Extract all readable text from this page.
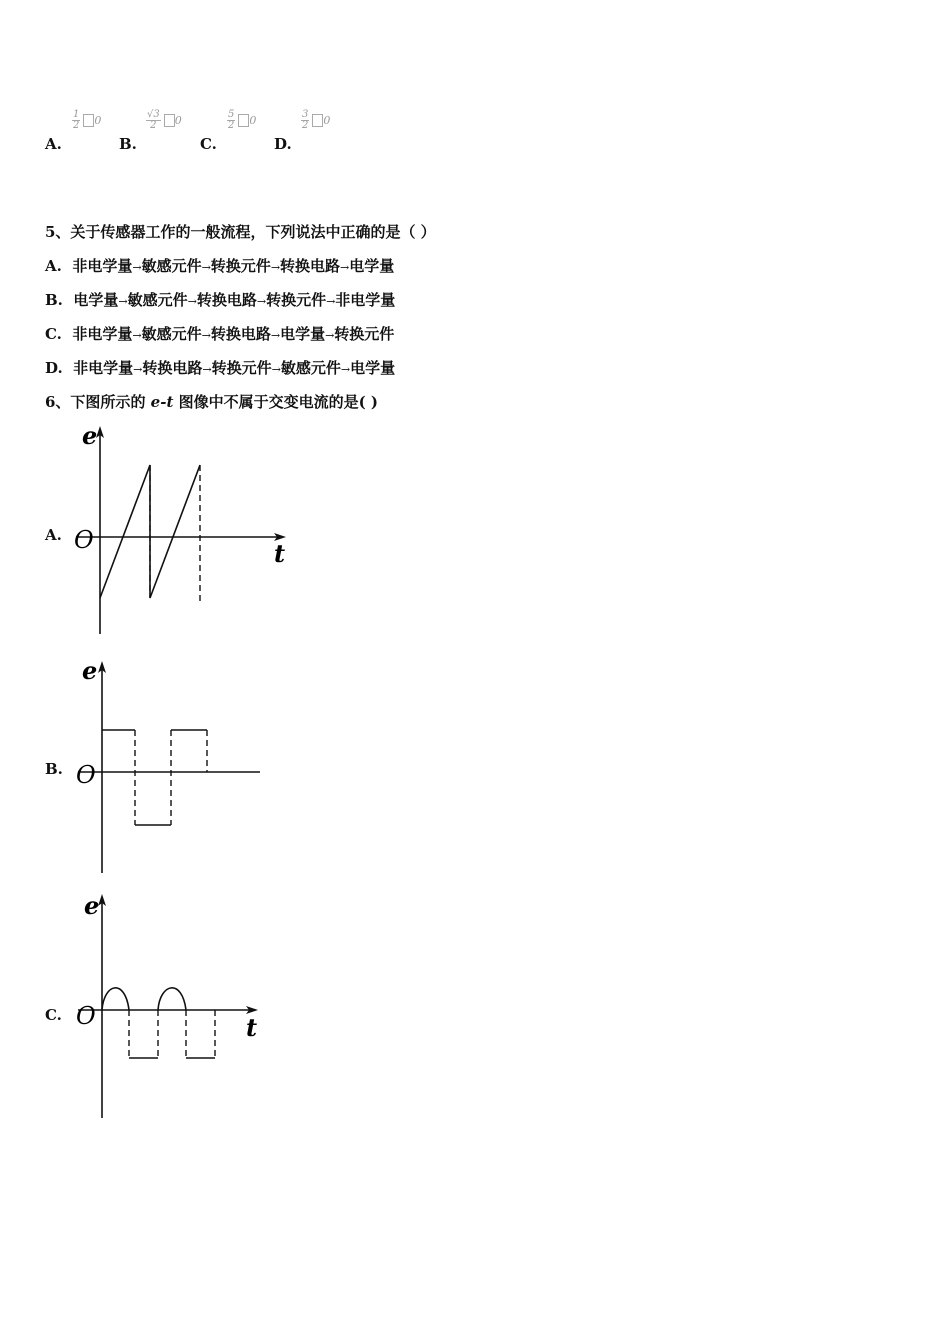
A.
$\frac{1}{2} 0$
B.
$\frac{√3}{2} 0$
C.
$\frac{5}{2} 0$
D.
$\frac{3}{2} 0$
5、关于传感器工作的一般流程，下列说法中正确的是（ ）
A. 非电学量→敏感元件→转换元件→转换电路→电学量
B. 电学量→敏感元件→转换电路→转换元件→非电学量
C. 非电学量→敏感元件→转换电路→电学量→转换元件
D. 非电学量→转换电路→转换元件→敏感元件→电学量
6、下图所示的 e-t 图像中不属于交变电流的是( )
A.
e
t
O
B.
e
O
C.
e
t
O
